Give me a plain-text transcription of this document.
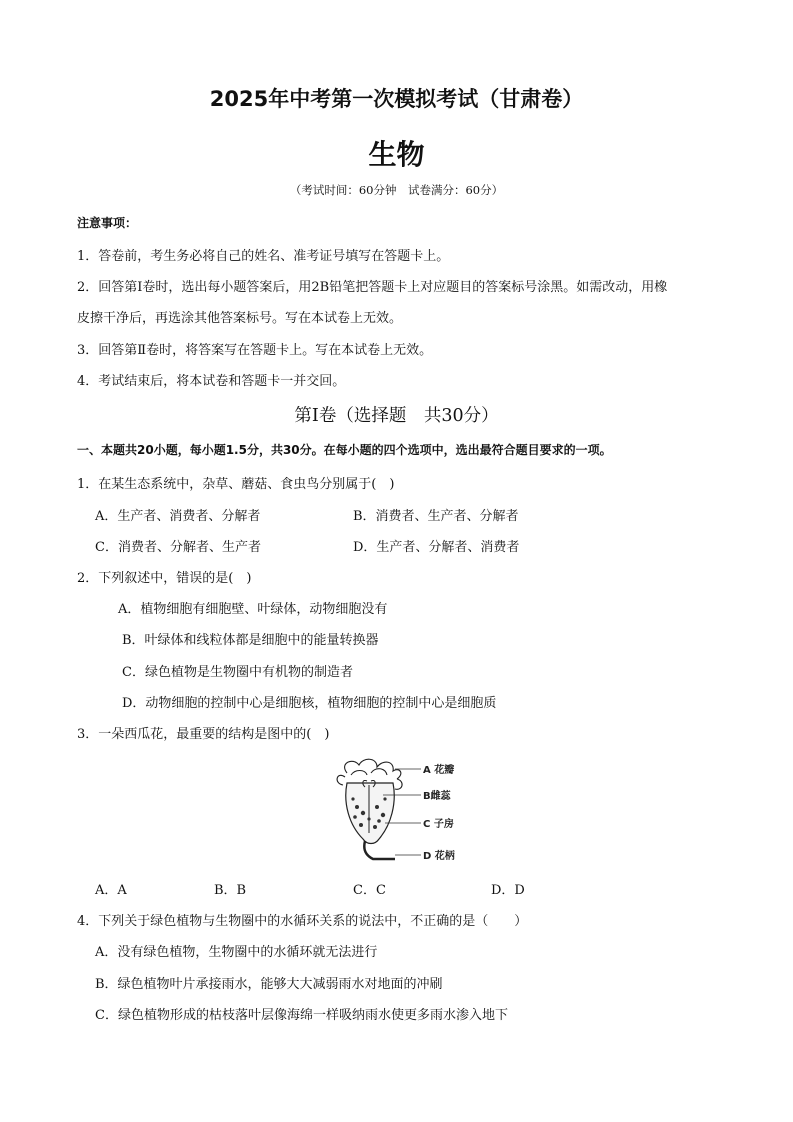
2025年中考第一次模拟考试（甘肃卷）
生物
（考试时间：60分钟　试卷满分：60分）
注意事项：
1．答卷前，考生务必将自己的姓名、准考证号填写在答题卡上。
2．回答第Ⅰ卷时，选出每小题答案后，用2B铅笔把答题卡上对应题目的答案标号涂黑。如需改动，用橡
皮擦干净后，再选涂其他答案标号。写在本试卷上无效。
3．回答第Ⅱ卷时，将答案写在答题卡上。写在本试卷上无效。
4．考试结束后，将本试卷和答题卡一并交回。
第Ⅰ卷（选择题　共30分）
一、本题共20小题，每小题1.5分，共30分。在每小题的四个选项中，选出最符合题目要求的一项。
1．在某生态系统中，杂草、蘑菇、食虫鸟分别属于(　)
A．生产者、消费者、分解者	B．消费者、生产者、分解者
C．消费者、分解者、生产者	D．生产者、分解者、消费者
2．下列叙述中，错误的是(　)
A．植物细胞有细胞壁、叶绿体，动物细胞没有
B．叶绿体和线粒体都是细胞中的能量转换器
C．绿色植物是生物圈中有机物的制造者
D．动物细胞的控制中心是细胞核，植物细胞的控制中心是细胞质
3．一朵西瓜花，最重要的结构是图中的(　)
A 花瓣
B雌蕊
C 子房
D 花柄
A．A	B．B	C．C	D．D
4．下列关于绿色植物与生物圈中的水循环关系的说法中，不正确的是（　　）
A．没有绿色植物，生物圈中的水循环就无法进行
B．绿色植物叶片承接雨水，能够大大减弱雨水对地面的冲刷
C．绿色植物形成的枯枝落叶层像海绵一样吸纳雨水使更多雨水渗入地下
